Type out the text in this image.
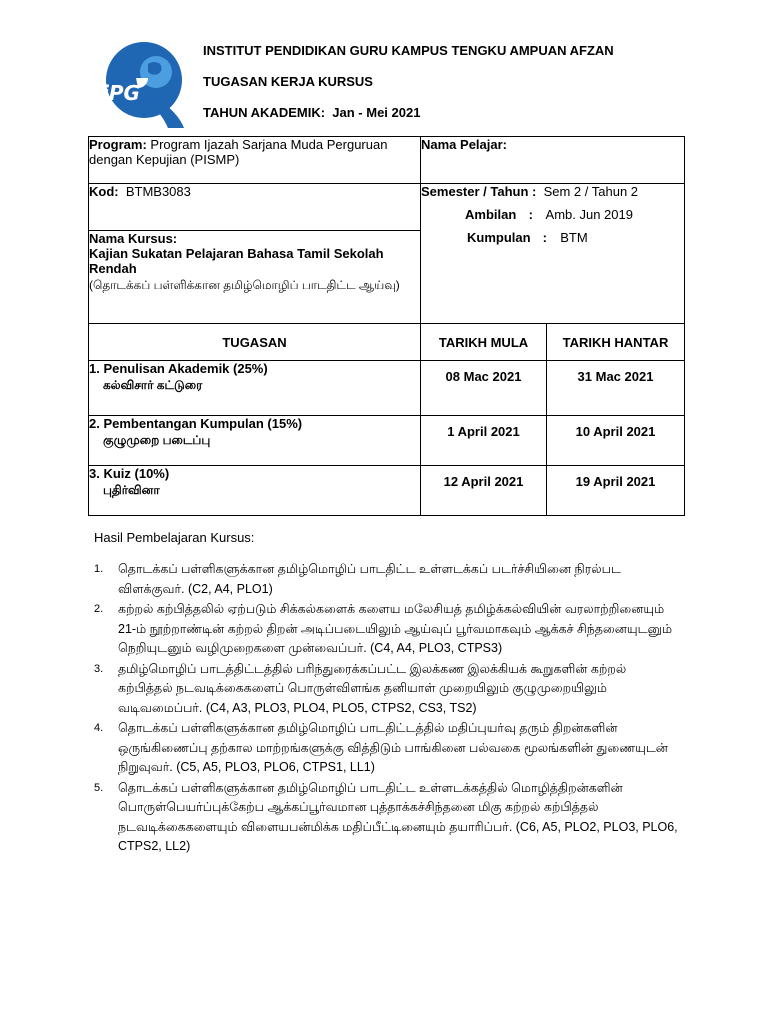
iPG
INSTITUT PENDIDIKAN GURU KAMPUS TENGKU AMPUAN AFZAN
TUGASAN KERJA KURSUS
TAHUN AKADEMIK: Jan - Mei 2021
Program: Program Ijazah Sarjana Muda Perguruan dengan Kepujian (PISMP)	Nama Pelajar:	
Kod: BTMB3083	Semester / Tahun : Sem 2 / Tahun 2
Ambilan : Amb. Jun 2019
Kumpulan : BTM	

Nama Kursus:
Kajian Sukatan Pelajaran Bahasa Tamil Sekolah Rendah
(தொடக்கப் பள்ளிக்கான தமிழ்மொழிப் பாடதிட்ட ஆய்வு)		

TUGASAN	TARIKH MULA	TARIKH HANTAR

1. Penulisan Akademik (25%)
கல்விசார் கட்டுரை	08 Mac 2021	31 Mac 2021

2. Pembentangan Kumpulan (15%)
குழுமுறை படைப்பு	1 April 2021	10 April 2021

3. Kuiz (10%)
புதிர்வினா	12 April 2021	19 April 2021
Hasil Pembelajaran Kursus:
1.	தொடக்கப் பள்ளிகளுக்கான தமிழ்மொழிப் பாடதிட்ட உள்ளடக்கப் படர்ச்சியினை நிரல்பட விளக்குவர். (C2, A4, PLO1)
2.	கற்றல் கற்பித்தலில் ஏற்படும் சிக்கல்களைக் களைய மலேசியத் தமிழ்க்கல்வியின் வரலாற்றினையும் 21-ம் நூற்றாண்டின் கற்றல் திறன் அடிப்படையிலும் ஆய்வுப் பூர்வமாகவும் ஆக்கச் சிந்தனையுடனும் நெறியுடனும் வழிமுறைகளை முன்வைப்பர். (C4, A4, PLO3, CTPS3)
3.	தமிழ்மொழிப் பாடத்திட்டத்தில் பரிந்துரைக்கப்பட்ட இலக்கண இலக்கியக் கூறுகளின் கற்றல் கற்பித்தல் நடவடிக்கைகளைப் பொருள்விளங்க தனியாள் முறையிலும் குழுமுறையிலும் வடிவமைப்பர். (C4, A3, PLO3, PLO4, PLO5, CTPS2, CS3, TS2)
4.	தொடக்கப் பள்ளிகளுக்கான தமிழ்மொழிப் பாடதிட்டத்தில் மதிப்புயர்வு தரும் திறன்களின் ஒருங்கிணைப்பு தற்கால மாற்றங்களுக்கு வித்திடும் பாங்கினை பல்வகை மூலங்களின் துணையுடன் நிறுவுவர். (C5, A5, PLO3, PLO6, CTPS1, LL1)
5.	தொடக்கப் பள்ளிகளுக்கான தமிழ்மொழிப் பாடதிட்ட உள்ளடக்கத்தில் மொழித்திறன்களின் பொருள்பெயர்ப்புக்கேற்ப ஆக்கப்பூர்வமான புத்தாக்கச்சிந்தனை மிகு கற்றல் கற்பித்தல் நடவடிக்கைகளையும் விளையபன்மிக்க மதிப்பீட்டினையும் தயாரிப்பர். (C6, A5, PLO2, PLO3, PLO6, CTPS2, LL2)
